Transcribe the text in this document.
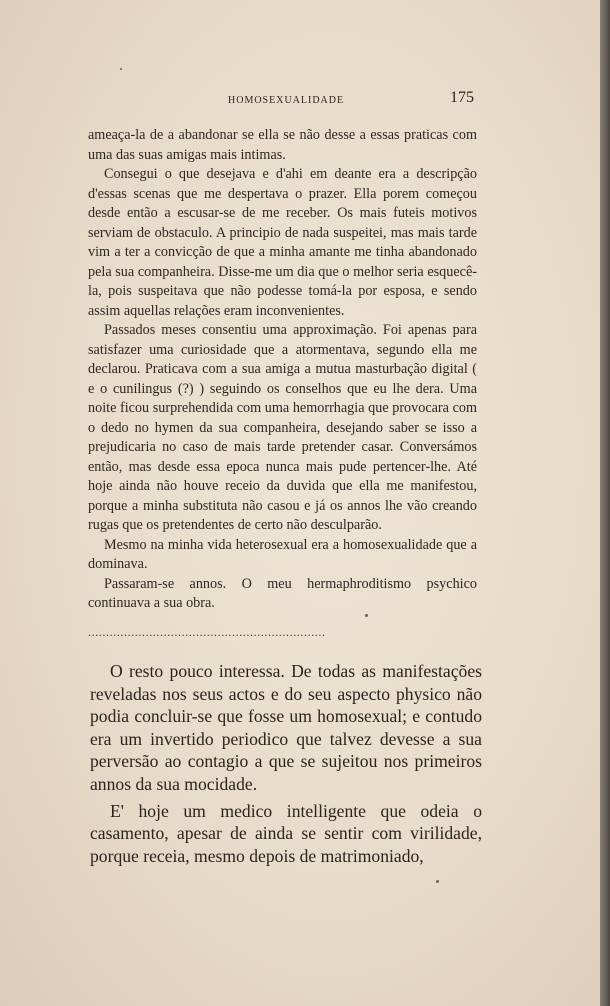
HOMOSEXUALIDADE	175

ameaça-la de a abandonar se ella se não desse a essas praticas com uma das suas amigas mais intimas.

Consegui o que desejava e d'ahi em deante era a descripção d'essas scenas que me despertava o prazer. Ella porem começou desde então a escusar-se de me receber. Os mais futeis motivos serviam de obstaculo. A principio de nada suspeitei, mas mais tarde vim a ter a convicção de que a minha amante me tinha abandonado pela sua companheira. Disse-me um dia que o melhor seria esquecê-la, pois suspeitava que não podesse tomá-la por esposa, e sendo assim aquellas relações eram inconvenientes.

Passados meses consentiu uma approximação. Foi apenas para satisfazer uma curiosidade que a atormentava, segundo ella me declarou. Praticava com a sua amiga a mutua masturbação digital ( e o cunilingus (?) ) seguindo os conselhos que eu lhe dera. Uma noite ficou surprehendida com uma hemorrhagia que provocara com o dedo no hymen da sua companheira, desejando saber se isso a prejudicaria no caso de mais tarde pretender casar. Conversámos então, mas desde essa epoca nunca mais pude pertencer-lhe. Até hoje ainda não houve receio da duvida que ella me manifestou, porque a minha substituta não casou e já os annos lhe vão creando rugas que os pretendentes de certo não desculparão.

Mesmo na minha vida heterosexual era a homosexualidade que a dominava.

Passaram-se annos. O meu hermaphroditismo psychico continuava a sua obra.

..................................................................

O resto pouco interessa. De todas as manifestações reveladas nos seus actos e do seu aspecto physico não podia concluir-se que fosse um homosexual; e contudo era um invertido periodico que talvez devesse a sua perversão ao contagio a que se sujeitou nos primeiros annos da sua mocidade.

E' hoje um medico intelligente que odeia o casamento, apesar de ainda se sentir com virilidade, porque receia, mesmo depois de matrimoniado,
